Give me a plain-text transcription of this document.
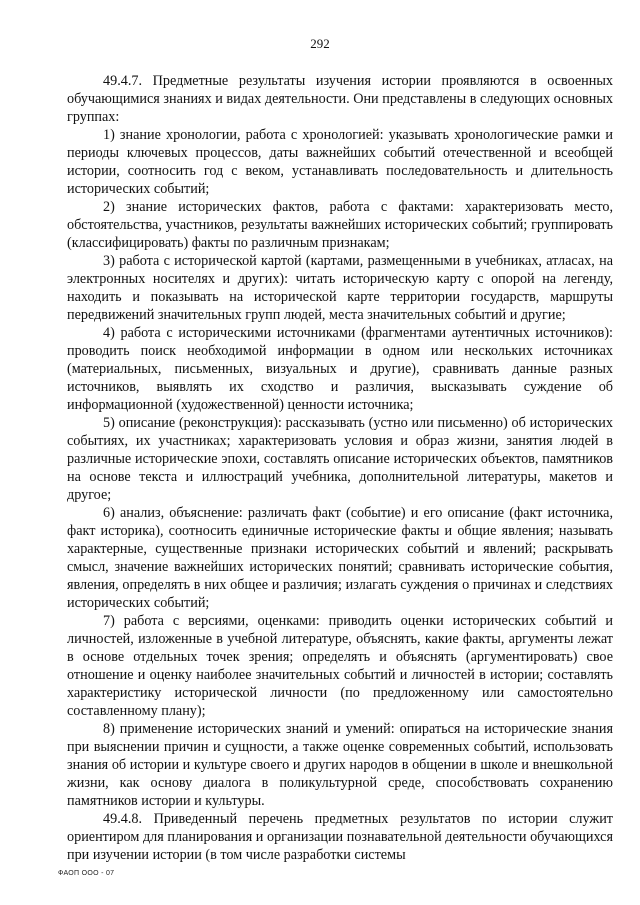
292

49.4.7. Предметные результаты изучения истории проявляются в освоенных обучающимися знаниях и видах деятельности. Они представлены в следующих основных группах:

1) знание хронологии, работа с хронологией: указывать хронологические рамки и периоды ключевых процессов, даты важнейших событий отечественной и всеобщей истории, соотносить год с веком, устанавливать последовательность и длительность исторических событий;

2) знание исторических фактов, работа с фактами: характеризовать место, обстоятельства, участников, результаты важнейших исторических событий; группировать (классифицировать) факты по различным признакам;

3) работа с исторической картой (картами, размещенными в учебниках, атласах, на электронных носителях и других): читать историческую карту с опорой на легенду, находить и показывать на исторической карте территории государств, маршруты передвижений значительных групп людей, места значительных событий и другие;

4) работа с историческими источниками (фрагментами аутентичных источников): проводить поиск необходимой информации в одном или нескольких источниках (материальных, письменных, визуальных и другие), сравнивать данные разных источников, выявлять их сходство и различия, высказывать суждение об информационной (художественной) ценности источника;

5) описание (реконструкция): рассказывать (устно или письменно) об исторических событиях, их участниках; характеризовать условия и образ жизни, занятия людей в различные исторические эпохи, составлять описание исторических объектов, памятников на основе текста и иллюстраций учебника, дополнительной литературы, макетов и другое;

6) анализ, объяснение: различать факт (событие) и его описание (факт источника, факт историка), соотносить единичные исторические факты и общие явления; называть характерные, существенные признаки исторических событий и явлений; раскрывать смысл, значение важнейших исторических понятий; сравнивать исторические события, явления, определять в них общее и различия; излагать суждения о причинах и следствиях исторических событий;

7) работа с версиями, оценками: приводить оценки исторических событий и личностей, изложенные в учебной литературе, объяснять, какие факты, аргументы лежат в основе отдельных точек зрения; определять и объяснять (аргументировать) свое отношение и оценку наиболее значительных событий и личностей в истории; составлять характеристику исторической личности (по предложенному или самостоятельно составленному плану);

8) применение исторических знаний и умений: опираться на исторические знания при выяснении причин и сущности, а также оценке современных событий, использовать знания об истории и культуре своего и других народов в общении в школе и внешкольной жизни, как основу диалога в поликультурной среде, способствовать сохранению памятников истории и культуры.

49.4.8. Приведенный перечень предметных результатов по истории служит ориентиром для планирования и организации познавательной деятельности обучающихся при изучении истории (в том числе разработки системы

ФАОП ООО - 07
